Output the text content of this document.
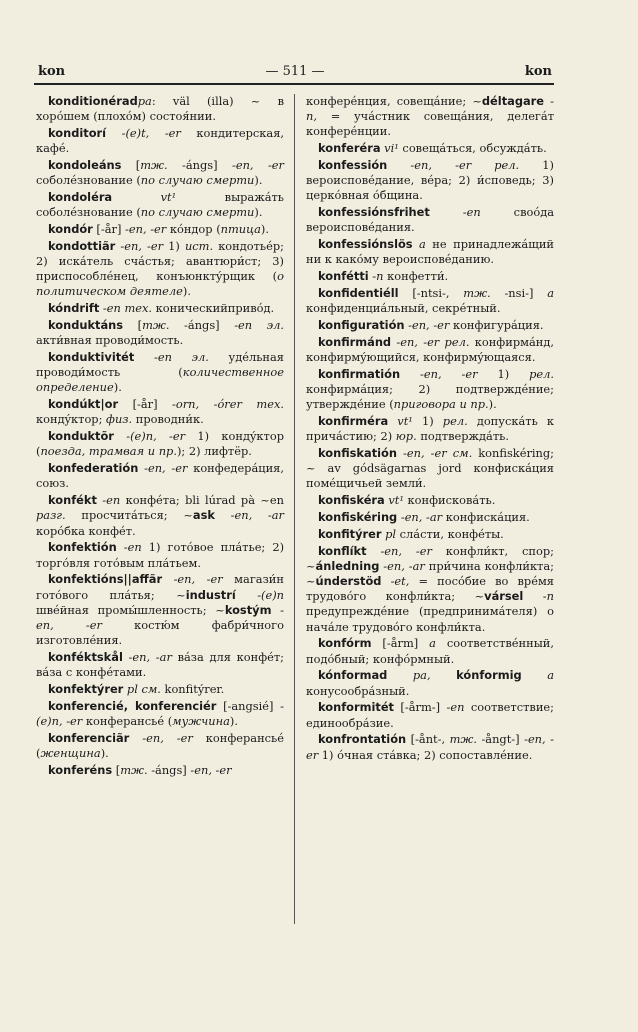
kon	— 511 —	kon

konditionéradpa: väl (illa) ~ в хорóшем (плохóм) состоя́нии.

konditorí -(e)t, -er кондитерская, кафé.

kondoleáns [тж. -ángs] -en, -er соболéзнование (по случаю смерти).

kondoléra vt¹ выражáть соболéзнование (по случаю смерти).

kondór [-år] -en, -er кóндор (птица).

kondottiãr -en, -er 1) ист. кондотьéр; 2) искáтель счáстья; авантюри́ст; 3) приспособлéнец, конъюнктýрщик (о политическом деятеле).

kóndrift -en тех. коническийпривóд.

konduktáns [тж. -ángs] -en эл. акти́вная проводи́мость.

konduktivitét -en эл. удéльная проводи́мость (количественное определение).

kondúkt|or [-år] -orn, -órer тех. кондýктор; физ. проводни́к.

konduktõr -(e)n, -er 1) кондýктор (поезда, трамвая и пр.); 2) лифтёр.

konfederatión -en, -er конфедерáция, союз.

konfékt -en конфéта; bli lúrad pà ~en разг. просчитáться; ~ask -en, -ar корóбка конфéт.

konfektión -en 1) готóвое плáтье; 2) торгóвля готóвым плáтьем.

konfektións||affãr -en, -er магази́н готóвого плáтья; ~industrí -(e)n швéйная промы́шленность; ~kostým -en, -er костю́м фабри́чного изготовлéния.

konféktskål -en, -ar вáза для конфéт; вáза с конфéтами.

konfektýrer pl см. konfitýrer.

konferencié, konferenciér [-angsié] -(e)n, -er конферансьé (мужчина).

konferenciãr -en, -er конферансьé (женщина).

konferéns [тж. -ángs] -en, -er

конферéнция, совещáние; ~déltagare -n, = учáстник совещáния, делегáт конферéнции.

konferéra vi¹ совещáться, обсуждáть.

konfessión -en, -er рел. 1) вероисповéдание, вéра; 2) и́споведь; 3) церкóвная óбщина.

konfessiónsfrihet -en своóда вероисповéдания.

konfessiónslös a не принадлежáщий ни к какóму вероисповéданию.

konfétti -n конфетти́.

konfidentiéll [-ntsi-, тж. -nsi-] a конфиденциáльный, секрéтный.

konfiguratión -en, -er конфигурáция.

konfirmánd -en, -er рел. конфирмáнд, конфирмýющийся, конфирмýющаяся.

konfirmatión -en, -er 1) рел. конфирмáция; 2) подтверждéние; утверждéние (приговора и пр.).

konfirméra vt¹ 1) рел. допускáть к причáстию; 2) юр. подтверждáть.

konfiskatión -en, -er см. konfiskéring; ~ av gódsägarnas jord конфискáция помéщичьей земли́.

konfiskéra vt¹ конфисковáть.

konfiskéring -en, -ar конфискáция.

konfitýrer pl слáсти, конфéты.

konflíkt -en, -er конфли́кт, спор; ~ánledning -en, -ar при́чина конфли́кта; ~únderstöd -et, = посóбие во врéмя трудовóго конфли́кта; ~vársel -n предупреждéние (предпринимáтеля) о начáле трудовóго конфли́кта.

konfórm [-årm] a соответствéнный, подóбный; конфóрмный.

kónformad pa, kónformig a конусообрáзный.

konformitét [-årm-] -en соответствие; единообрáзие.

konfrontatión [-ånt-, тж. -ångt-] -en, -er 1) óчная стáвка; 2) сопоставлéние.
